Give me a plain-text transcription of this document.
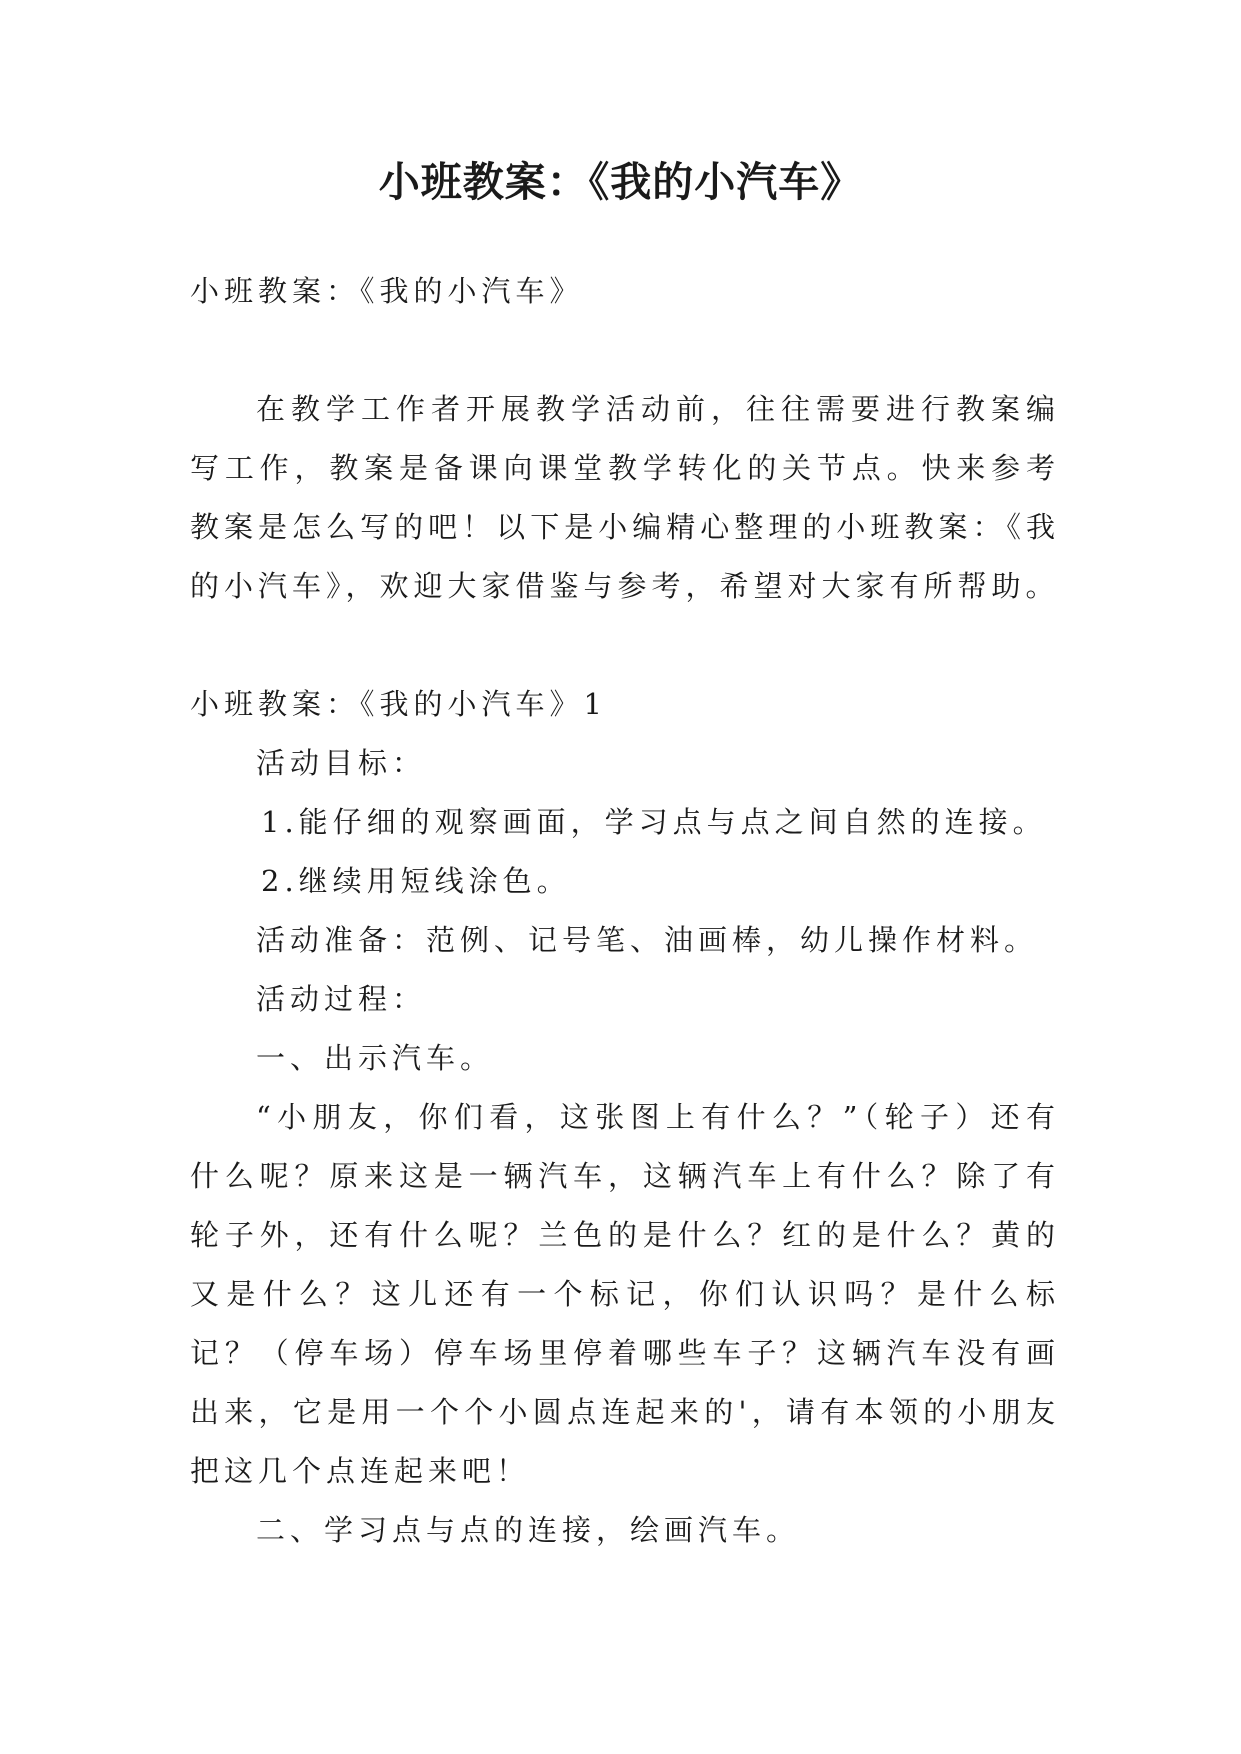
小班教案：《我的小汽车》

小班教案：《我的小汽车》

在教学工作者开展教学活动前，往往需要进行教案编写工作，教案是备课向课堂教学转化的关节点。快来参考教案是怎么写的吧！以下是小编精心整理的小班教案：《我的小汽车》，欢迎大家借鉴与参考，希望对大家有所帮助。

小班教案：《我的小汽车》1

活动目标：

1.能仔细的观察画面，学习点与点之间自然的连接。

2.继续用短线涂色。

活动准备：范例、记号笔、油画棒，幼儿操作材料。

活动过程：

一、出示汽车。

“小朋友，你们看，这张图上有什么？”（轮子）还有什么呢？原来这是一辆汽车，这辆汽车上有什么？除了有轮子外，还有什么呢？兰色的是什么？红的是什么？黄的又是什么？这儿还有一个标记，你们认识吗？是什么标记？（停车场）停车场里停着哪些车子？这辆汽车没有画出来，它是用一个个小圆点连起来的'，请有本领的小朋友把这几个点连起来吧！

二、学习点与点的连接，绘画汽车。
